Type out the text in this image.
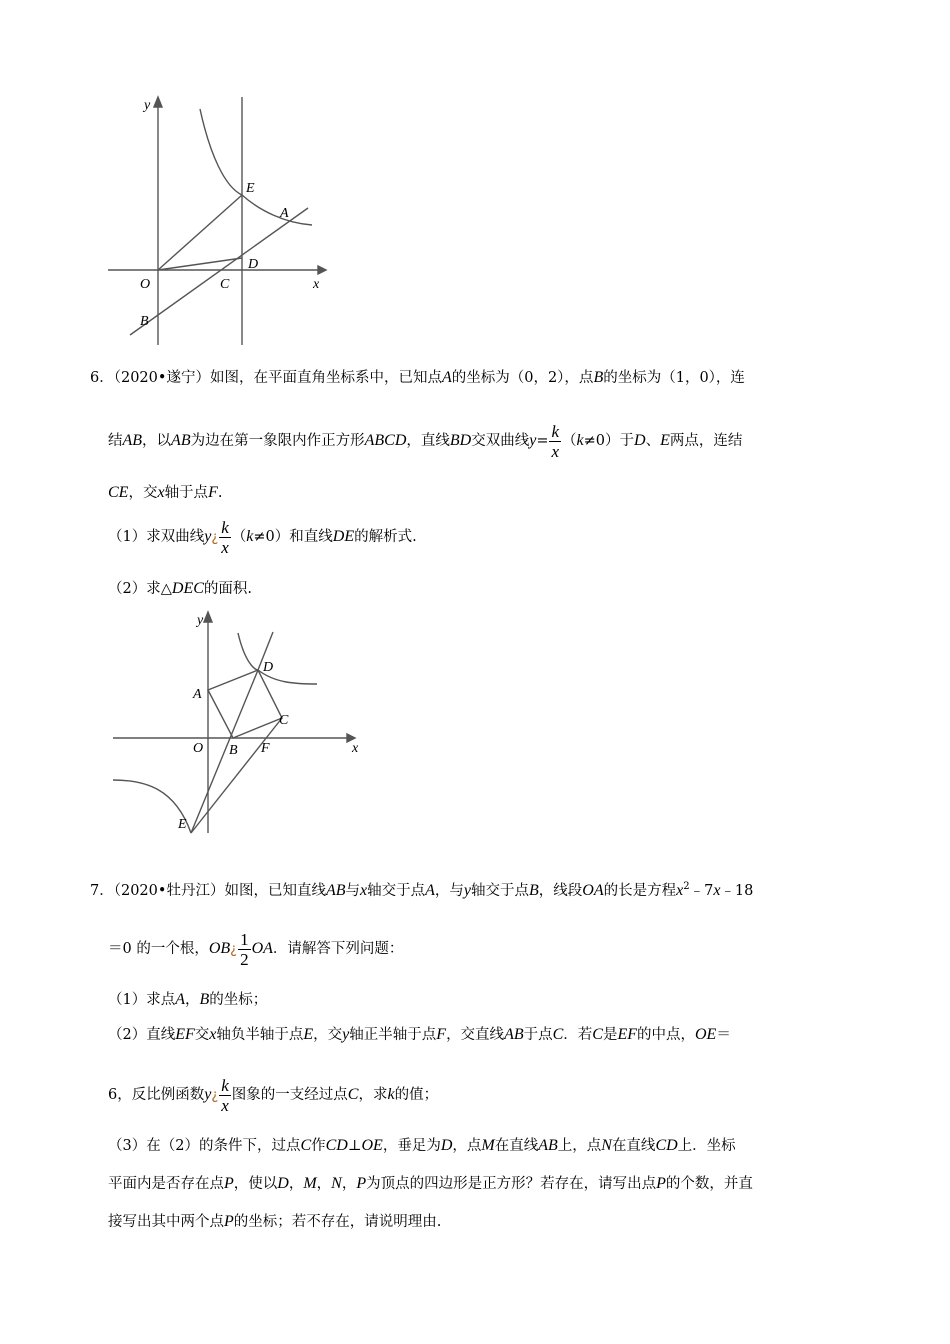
y
E
A
D
O	C	x
B
6．（2020•遂宁）如图，在平面直角坐标系中，已知点A的坐标为（0，2），点B的坐标为（1，0），连
结AB，以AB为边在第一象限内作正方形ABCD，直线BD交双曲线$y= \frac{k}{x} (k\ne 0)$于D、E两点，连结
CE，交x轴于点F.
（1）求双曲线y¿ $\frac{k}{x} (k\ne 0)$和直线DE的解析式.
（2）求△DEC的面积.
y
D
A
C
O B F	x
E
7．（2020•牡丹江）如图，已知直线AB与x轴交于点A，与y轴交于点B，线段OA的长是方程$x^2﹣7x﹣18$
＝0 的一个根，OB¿ $\frac{1}{2}$ OA．请解答下列问题：
（1）求点A，B的坐标；
（2）直线EF交x轴负半轴于点E，交y轴正半轴于点F，交直线AB于点C．若C是EF的中点，OE＝
6，反比例函数y¿ $\frac{k}{x}$ 图象的一支经过点C，求k的值；
（3）在（2）的条件下，过点C作CD⊥OE，垂足为D，点M在直线AB上，点N在直线CD上．坐标
平面内是否存在点P，使以D，M，N，P为顶点的四边形是正方形？若存在，请写出点P的个数，并直
接写出其中两个点P的坐标；若不存在，请说明理由.
